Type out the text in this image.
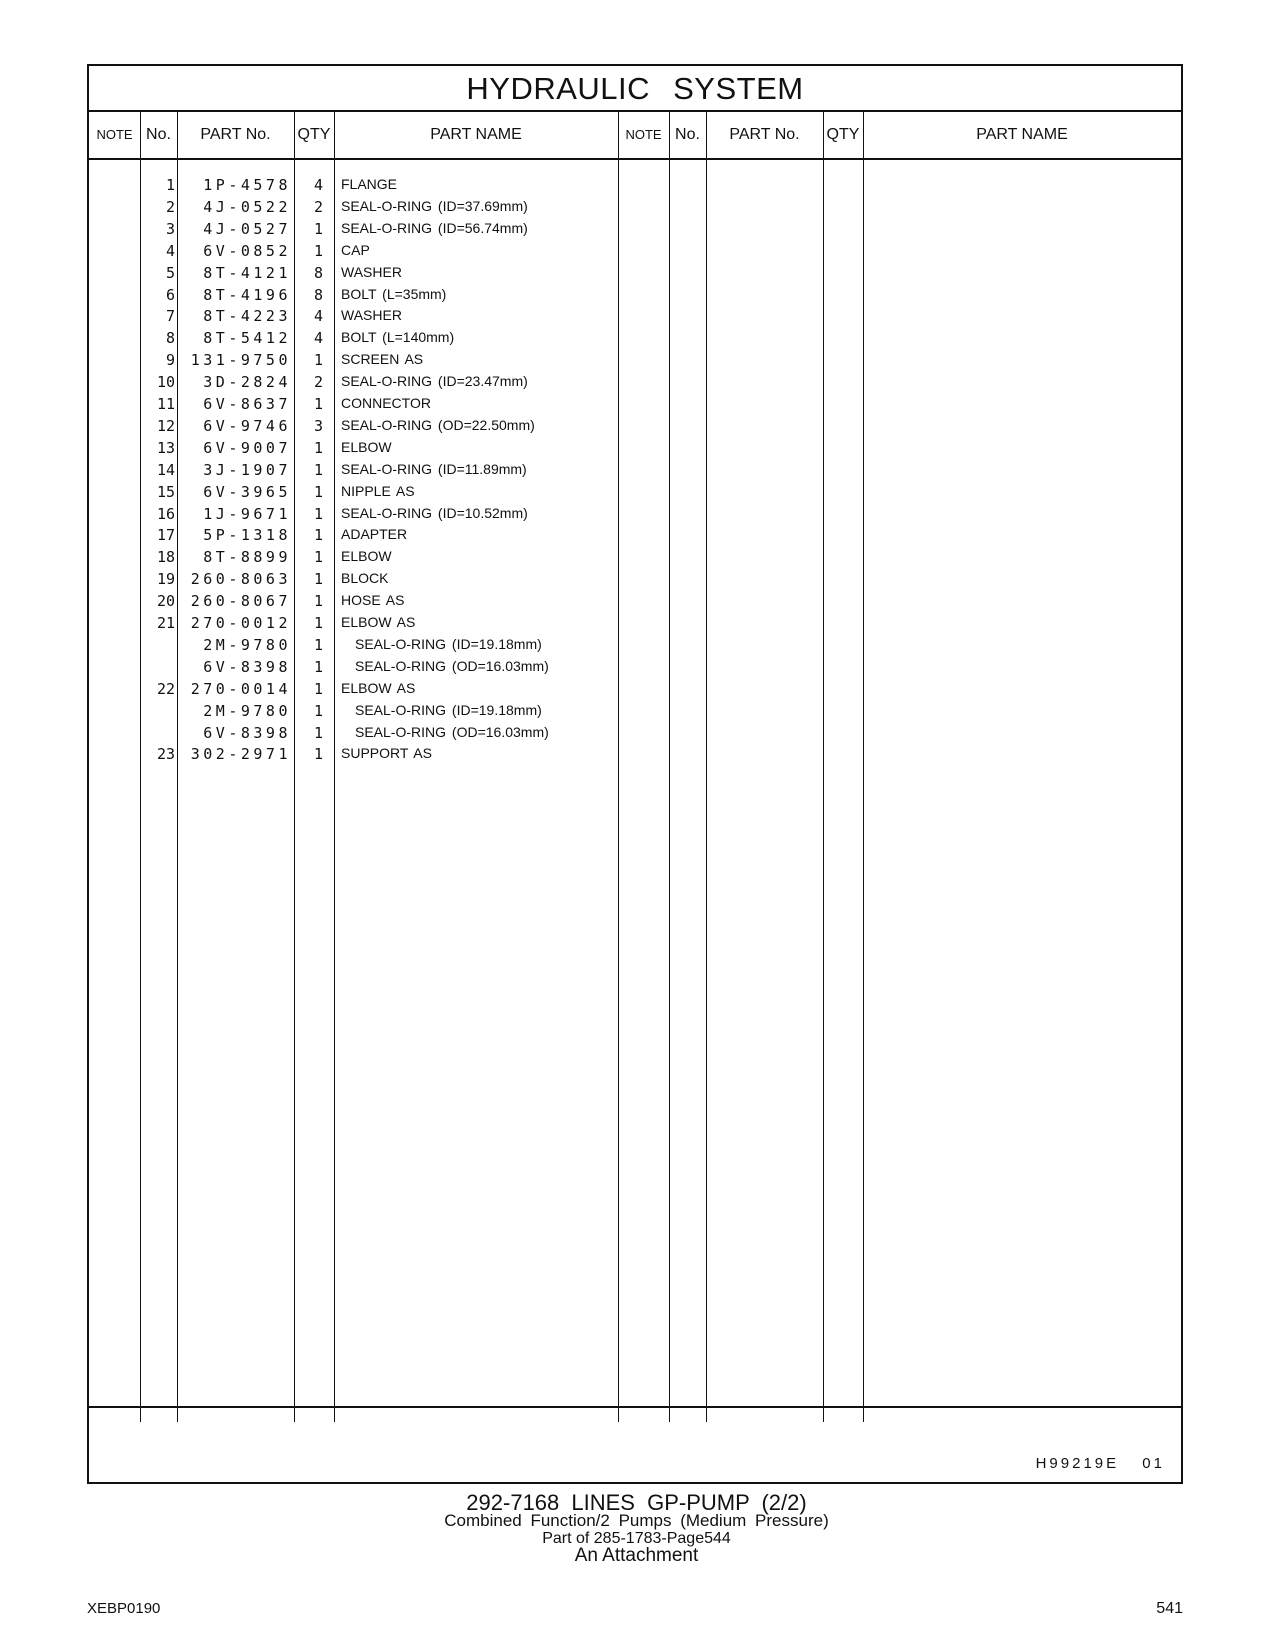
HYDRAULIC SYSTEM
NOTE No.	PART No.	QTY	PART NAME	NOTE No.	PART No.	QTY	PART NAME
1	1P-4578	4 FLANGE
2	4J-0522	2 SEAL-O-RING (ID=37.69mm)
3	4J-0527	1 SEAL-O-RING (ID=56.74mm)
4	6V-0852	1 CAP
5	8T-4121	8 WASHER
6	8T-4196	8 BOLT (L=35mm)
7	8T-4223	4 WASHER
8	8T-5412	4 BOLT (L=140mm)
9 131-9750	1 SCREEN AS
10	3D-2824	2 SEAL-O-RING (ID=23.47mm)
11	6V-8637	1 CONNECTOR
12	6V-9746	3 SEAL-O-RING (OD=22.50mm)
13	6V-9007	1 ELBOW
14	3J-1907	1 SEAL-O-RING (ID=11.89mm)
15	6V-3965	1 NIPPLE AS
16	1J-9671	1 SEAL-O-RING (ID=10.52mm)
17	5P-1318	1 ADAPTER
18	8T-8899	1 ELBOW
19 260-8063	1 BLOCK
20 260-8067	1 HOSE AS
21 270-0012	1 ELBOW AS
2M-9780	1 SEAL-O-RING (ID=19.18mm)
6V-8398	1 SEAL-O-RING (OD=16.03mm)
22 270-0014	1 ELBOW AS
2M-9780	1 SEAL-O-RING (ID=19.18mm)
6V-8398	1 SEAL-O-RING (OD=16.03mm)
23 302-2971	1 SUPPORT AS
H99219E 01
292-7168 LINES GP-PUMP (2/2)
Combined Function/2 Pumps (Medium Pressure)
Part of 285-1783-Page544
An Attachment
XEBP0190	541
